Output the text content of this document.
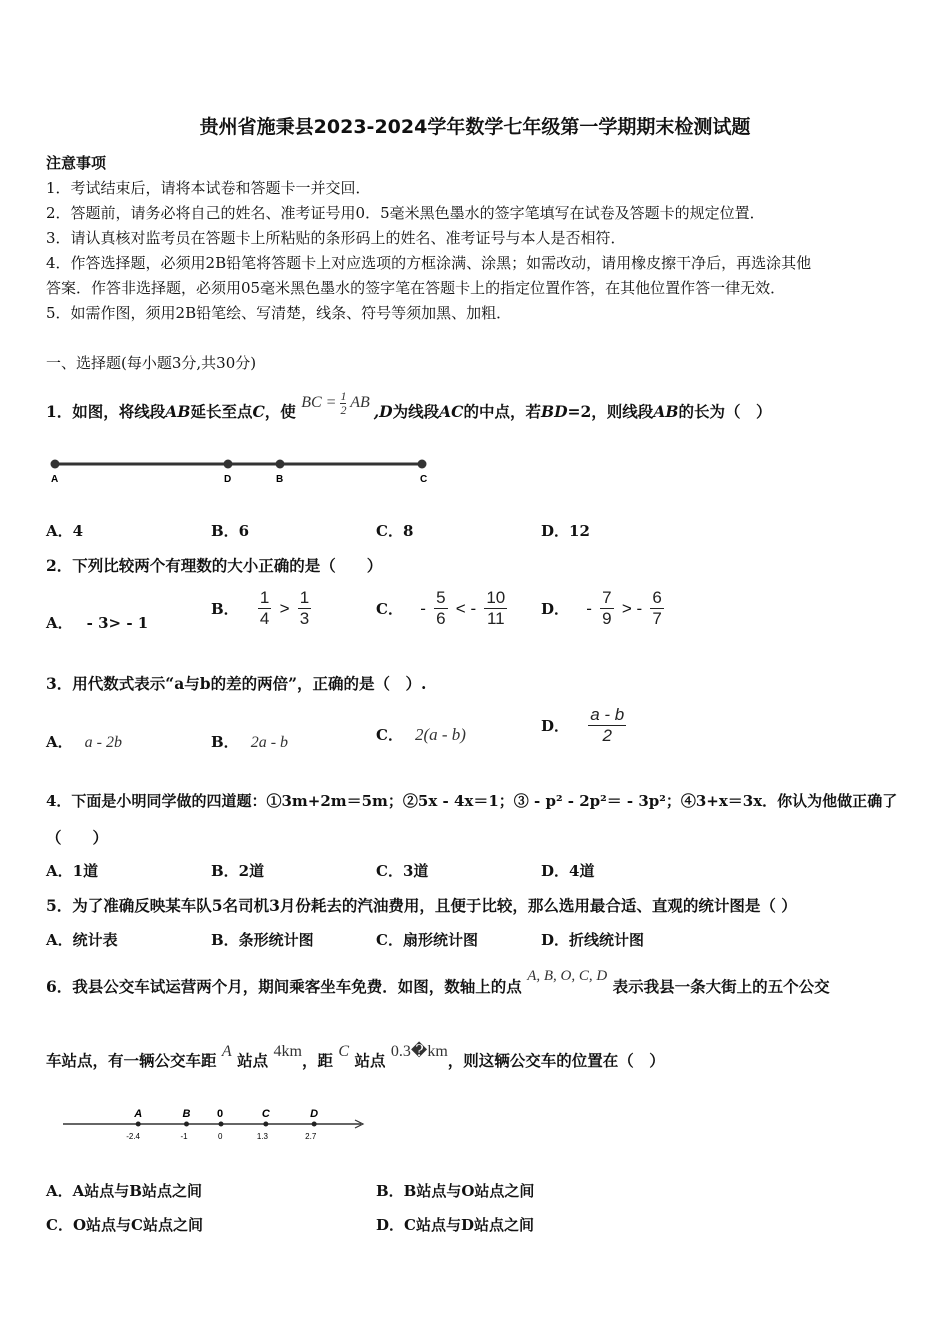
贵州省施秉县2023-2024学年数学七年级第一学期期末检测试题
注意事项
1．考试结束后，请将本试卷和答题卡一并交回．
2．答题前，请务必将自己的姓名、准考证号用0．5毫米黑色墨水的签字笔填写在试卷及答题卡的规定位置．
3．请认真核对监考员在答题卡上所粘贴的条形码上的姓名、准考证号与本人是否相符．
4．作答选择题，必须用2B铅笔将答题卡上对应选项的方框涂满、涂黑；如需改动，请用橡皮擦干净后，再选涂其他
答案．作答非选择题，必须用05毫米黑色墨水的签字笔在答题卡上的指定位置作答，在其他位置作答一律无效．
5．如需作图，须用2B铅笔绘、写清楚，线条、符号等须加黑、加粗．
一、选择题(每小题3分,共30分)
1．如图，将线段AB延长至点C，使 BC = $\frac{1}{2}$ AB ,D为线段AC的中点，若BD=2，则线段AB的长为（　）
A	D	B	C
A．4	B．6	C．8	D．12
2．下列比较两个有理数的大小正确的是（　　）
A． - 3> - 1
B． $\frac{1}{4} > \frac{1}{3}$	C． - $\frac{5}{6}$ < - $\frac{10}{11}$ D． - $\frac{7}{9}$ > - $\frac{6}{7}$
3．用代数式表示“a与b的差的两倍”，正确的是（　）.
A． a - 2b	B． 2a - b	C． 2(a - b)	D． $\frac{a - b}{2}$
4．下面是小明同学做的四道题：①3m+2m＝5m；②5x - 4x＝1；③ - p² - 2p²＝ - 3p²；④3+x＝3x．你认为他做正确了
（　　）
A．1道	B．2道	C．3道	D．4道
5．为了准确反映某车队5名司机3月份耗去的汽油费用，且便于比较，那么选用最合适、直观的统计图是（ ）
A．统计表	B．条形统计图	C．扇形统计图	D．折线统计图
6．我县公交车试运营两个月，期间乘客坐车免费．如图，数轴上的点 A, B, O, C, D 表示我县一条大街上的五个公交
车站点，有一辆公交车距 A 站点 4km，距 C 站点 0.3�km，则这辆公交车的位置在（　）
A
-2.4
B
-1
0
0
C
1.3
D
2.7
A．A站点与B站点之间	B．B站点与O站点之间
C．O站点与C站点之间	D．C站点与D站点之间
